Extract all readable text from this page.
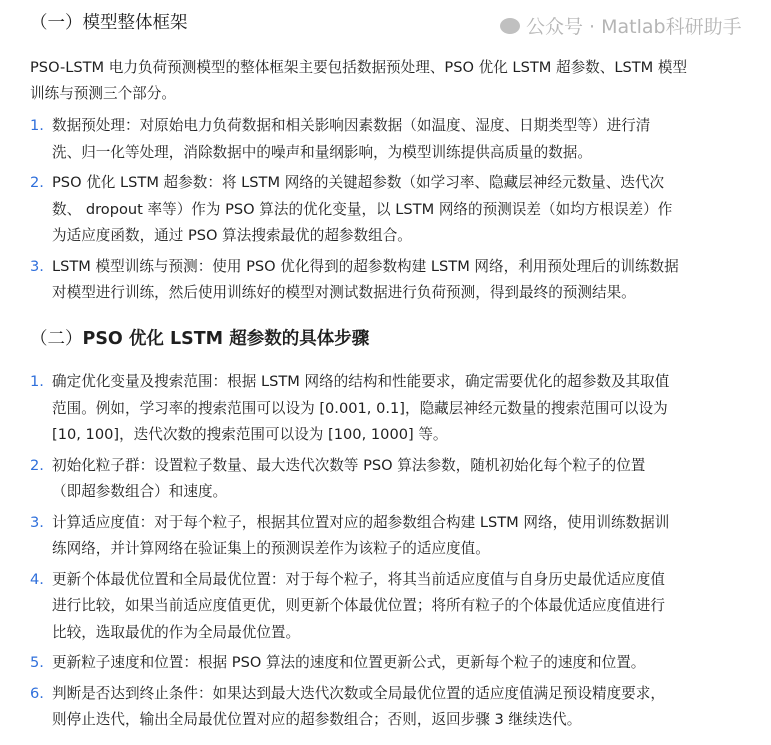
（一）模型整体框架
PSO-LSTM 电力负荷预测模型的整体框架主要包括数据预处理、PSO 优化 LSTM 超参数、LSTM 模型
训练与预测三个部分。
1. 数据预处理：对原始电力负荷数据和相关影响因素数据（如温度、湿度、日期类型等）进行清
洗、归一化等处理，消除数据中的噪声和量纲影响，为模型训练提供高质量的数据。
2. PSO 优化 LSTM 超参数：将 LSTM 网络的关键超参数（如学习率、隐藏层神经元数量、迭代次
数、 dropout 率等）作为 PSO 算法的优化变量，以 LSTM 网络的预测误差（如均方根误差）作
为适应度函数，通过 PSO 算法搜索最优的超参数组合。
3. LSTM 模型训练与预测：使用 PSO 优化得到的超参数构建 LSTM 网络，利用预处理后的训练数据
对模型进行训练，然后使用训练好的模型对测试数据进行负荷预测，得到最终的预测结果。
（二）PSO 优化 LSTM 超参数的具体步骤
1. 确定优化变量及搜索范围：根据 LSTM 网络的结构和性能要求，确定需要优化的超参数及其取值
范围。例如，学习率的搜索范围可以设为 [0.001, 0.1]，隐藏层神经元数量的搜索范围可以设为
[10, 100]，迭代次数的搜索范围可以设为 [100, 1000] 等。
2. 初始化粒子群：设置粒子数量、最大迭代次数等 PSO 算法参数，随机初始化每个粒子的位置
（即超参数组合）和速度。
3. 计算适应度值：对于每个粒子，根据其位置对应的超参数组合构建 LSTM 网络，使用训练数据训
练网络，并计算网络在验证集上的预测误差作为该粒子的适应度值。
4. 更新个体最优位置和全局最优位置：对于每个粒子，将其当前适应度值与自身历史最优适应度值
进行比较，如果当前适应度值更优，则更新个体最优位置；将所有粒子的个体最优适应度值进行
比较，选取最优的作为全局最优位置。
5. 更新粒子速度和位置：根据 PSO 算法的速度和位置更新公式，更新每个粒子的速度和位置。
6. 判断是否达到终止条件：如果达到最大迭代次数或全局最优位置的适应度值满足预设精度要求，
则停止迭代，输出全局最优位置对应的超参数组合；否则，返回步骤 3 继续迭代。
公众号 · Matlab科研助手
